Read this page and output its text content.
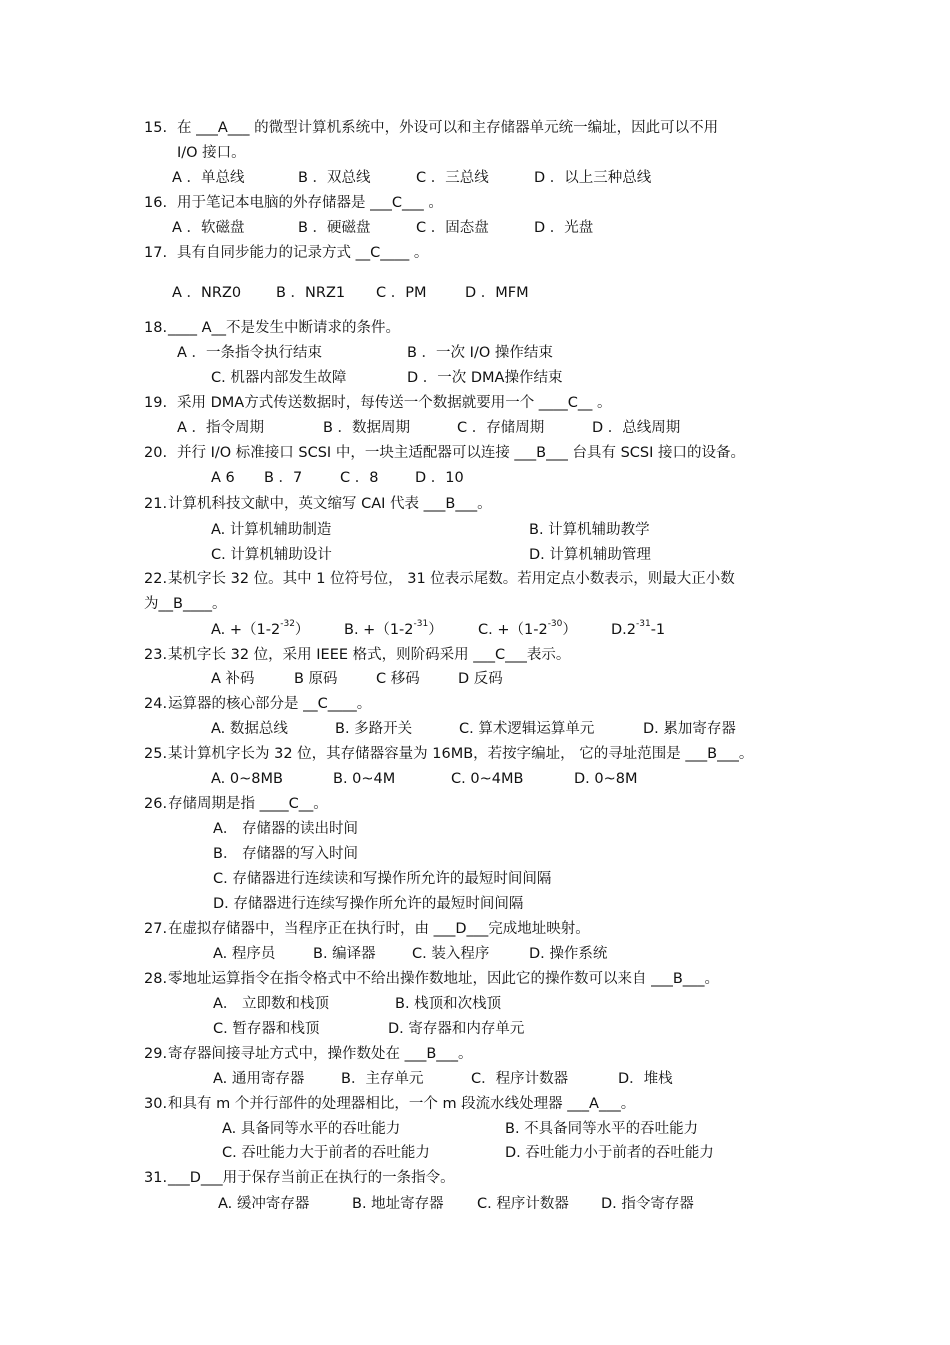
15. 在 ___A___ 的微型计算机系统中，外设可以和主存储器单元统一编址，因此可以不用
I/O 接口。
A ．单总线	B ．双总线	C ．三总线	D ．以上三种总线
16. 用于笔记本电脑的外存储器是 ___C___ 。
A ．软磁盘	B ．硬磁盘	C ．固态盘	D ．光盘
17. 具有自同步能力的记录方式 __C____ 。
A ．NRZ0 B ．NRZ1 C ．PM	D ．MFM
18. ____ A__不是发生中断请求的条件。
A ．一条指令执行结束	B ．一次 I/O 操作结束
C. 机器内部发生故障	D ．一次 DMA操作结束
19. 采用 DMA方式传送数据时，每传送一个数据就要用一个 ____C__ 。
A ．指令周期	B ．数据周期	C ．存储周期	D ．总线周期
20. 并行 I/O 标准接口 SCSI 中，一块主适配器可以连接 ___B___ 台具有 SCSI 接口的设备。
A 6 B ．7	C ．8	D ．10
21. 计算机科技文献中，英文缩写 CAI 代表 ___B___。
A. 计算机辅助制造	B. 计算机辅助教学
C. 计算机辅助设计	D. 计算机辅助管理
22. 某机字长 32 位。其中 1 位符号位， 31 位表示尾数。若用定点小数表示，则最大正小数
为__B____。
A. $+(1-2^{-32})$ B. $+(1-2^{-31})$ C. $+(1-2^{-30})$ $D.2^{-31}-1$
23. 某机字长 32 位，采用 IEEE 格式，则阶码采用 ___C___表示。
A 补码	B 原码	C 移码	D 反码
24. 运算器的核心部分是 __C____。
A. 数据总线	B. 多路开关	C. 算术逻辑运算单元	D. 累加寄存器
25. 某计算机字长为 32 位，其存储器容量为 16MB，若按字编址， 它的寻址范围是 ___B___。
A. 0~8MB	B. 0~4M	C. 0~4MB	D. 0~8M
26. 存储周期是指 ____C__。
A． 存储器的读出时间
B． 存储器的写入时间
C. 存储器进行连续读和写操作所允许的最短时间间隔
D. 存储器进行连续写操作所允许的最短时间间隔
27. 在虚拟存储器中，当程序正在执行时，由 ___D___完成地址映射。
A. 程序员	B. 编译器	C. 装入程序	D. 操作系统
28. 零地址运算指令在指令格式中不给出操作数地址，因此它的操作数可以来自 ___B___。
A． 立即数和栈顶	B. 栈顶和次栈顶
C. 暂存器和栈顶	D. 寄存器和内存单元
29. 寄存器间接寻址方式中，操作数处在 ___B___。
A. 通用寄存器	B．主存单元	C．程序计数器	D．堆栈
30. 和具有 m 个并行部件的处理器相比，一个 m 段流水线处理器 ___A___。
A. 具备同等水平的吞吐能力	B. 不具备同等水平的吞吐能力
C. 吞吐能力大于前者的吞吐能力	D. 吞吐能力小于前者的吞吐能力
31. ___D___用于保存当前正在执行的一条指令。
A. 缓冲寄存器	B. 地址寄存器 C. 程序计数器 D. 指令寄存器
